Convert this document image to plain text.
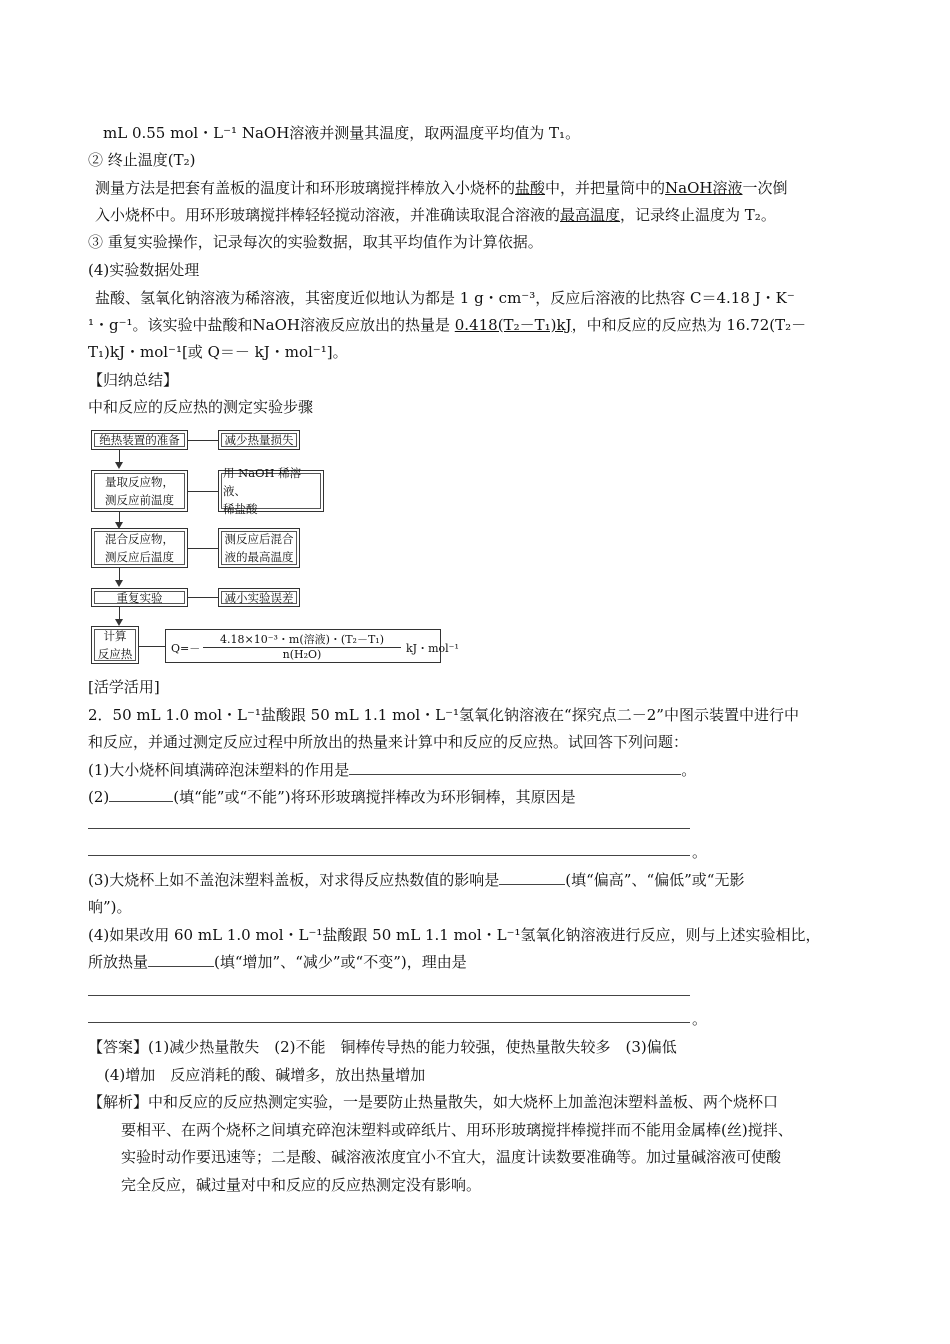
mL 0.55 mol・L⁻¹ NaOH溶液并测量其温度，取两温度平均值为 T₁。
② 终止温度(T₂)
测量方法是把套有盖板的温度计和环形玻璃搅拌棒放入小烧杯的盐酸中，并把量筒中的NaOH溶液一次倒
入小烧杯中。用环形玻璃搅拌棒轻轻搅动溶液，并准确读取混合溶液的最高温度，记录终止温度为 T₂。
③ 重复实验操作，记录每次的实验数据，取其平均值作为计算依据。
(4)实验数据处理
盐酸、氢氧化钠溶液为稀溶液，其密度近似地认为都是 1 g・cm⁻³，反应后溶液的比热容 C＝4.18 J・K⁻
¹・g⁻¹。该实验中盐酸和NaOH溶液反应放出的热量是 0.418(T₂－T₁)kJ，中和反应的反应热为 16.72(T₂－
T₁)kJ・mol⁻¹[或 Q＝－ kJ・mol⁻¹]。
【归纳总结】
中和反应的反应热的测定实验步骤
绝热装置的准备	减少热量损失
量取反应物，
测反应前温度
用 NaOH 稀溶液、
稀盐酸
混合反应物，
测反应后温度
测反应后混合
液的最高温度
重复实验	减小实验误差
计算
反应热	Q=－
4.18×10⁻³・m(溶液)・(T₂－T₁)
n(H₂O)	kJ・mol⁻¹
[活学活用]
2．50 mL 1.0 mol・L⁻¹盐酸跟 50 mL 1.1 mol・L⁻¹氢氧化钠溶液在“探究点二－2”中图示装置中进行中
和反应，并通过测定反应过程中所放出的热量来计算中和反应的反应热。试回答下列问题：
(1)大小烧杯间填满碎泡沫塑料的作用是	。
(2)	(填“能”或“不能”)将环形玻璃搅拌棒改为环形铜棒，其原因是
。
(3)大烧杯上如不盖泡沫塑料盖板，对求得反应热数值的影响是	(填“偏高”、“偏低”或“无影
响”)。
(4)如果改用 60 mL 1.0 mol・L⁻¹盐酸跟 50 mL 1.1 mol・L⁻¹氢氧化钠溶液进行反应，则与上述实验相比，
所放热量	(填“增加”、“减少”或“不变”)，理由是
。
【答案】(1)减少热量散失　(2)不能　铜棒传导热的能力较强，使热量散失较多　(3)偏低
(4)增加　反应消耗的酸、碱增多，放出热量增加
【解析】中和反应的反应热测定实验，一是要防止热量散失，如大烧杯上加盖泡沫塑料盖板、两个烧杯口
要相平、在两个烧杯之间填充碎泡沫塑料或碎纸片、用环形玻璃搅拌棒搅拌而不能用金属棒(丝)搅拌、
实验时动作要迅速等；二是酸、碱溶液浓度宜小不宜大，温度计读数要准确等。加过量碱溶液可使酸
完全反应，碱过量对中和反应的反应热测定没有影响。
